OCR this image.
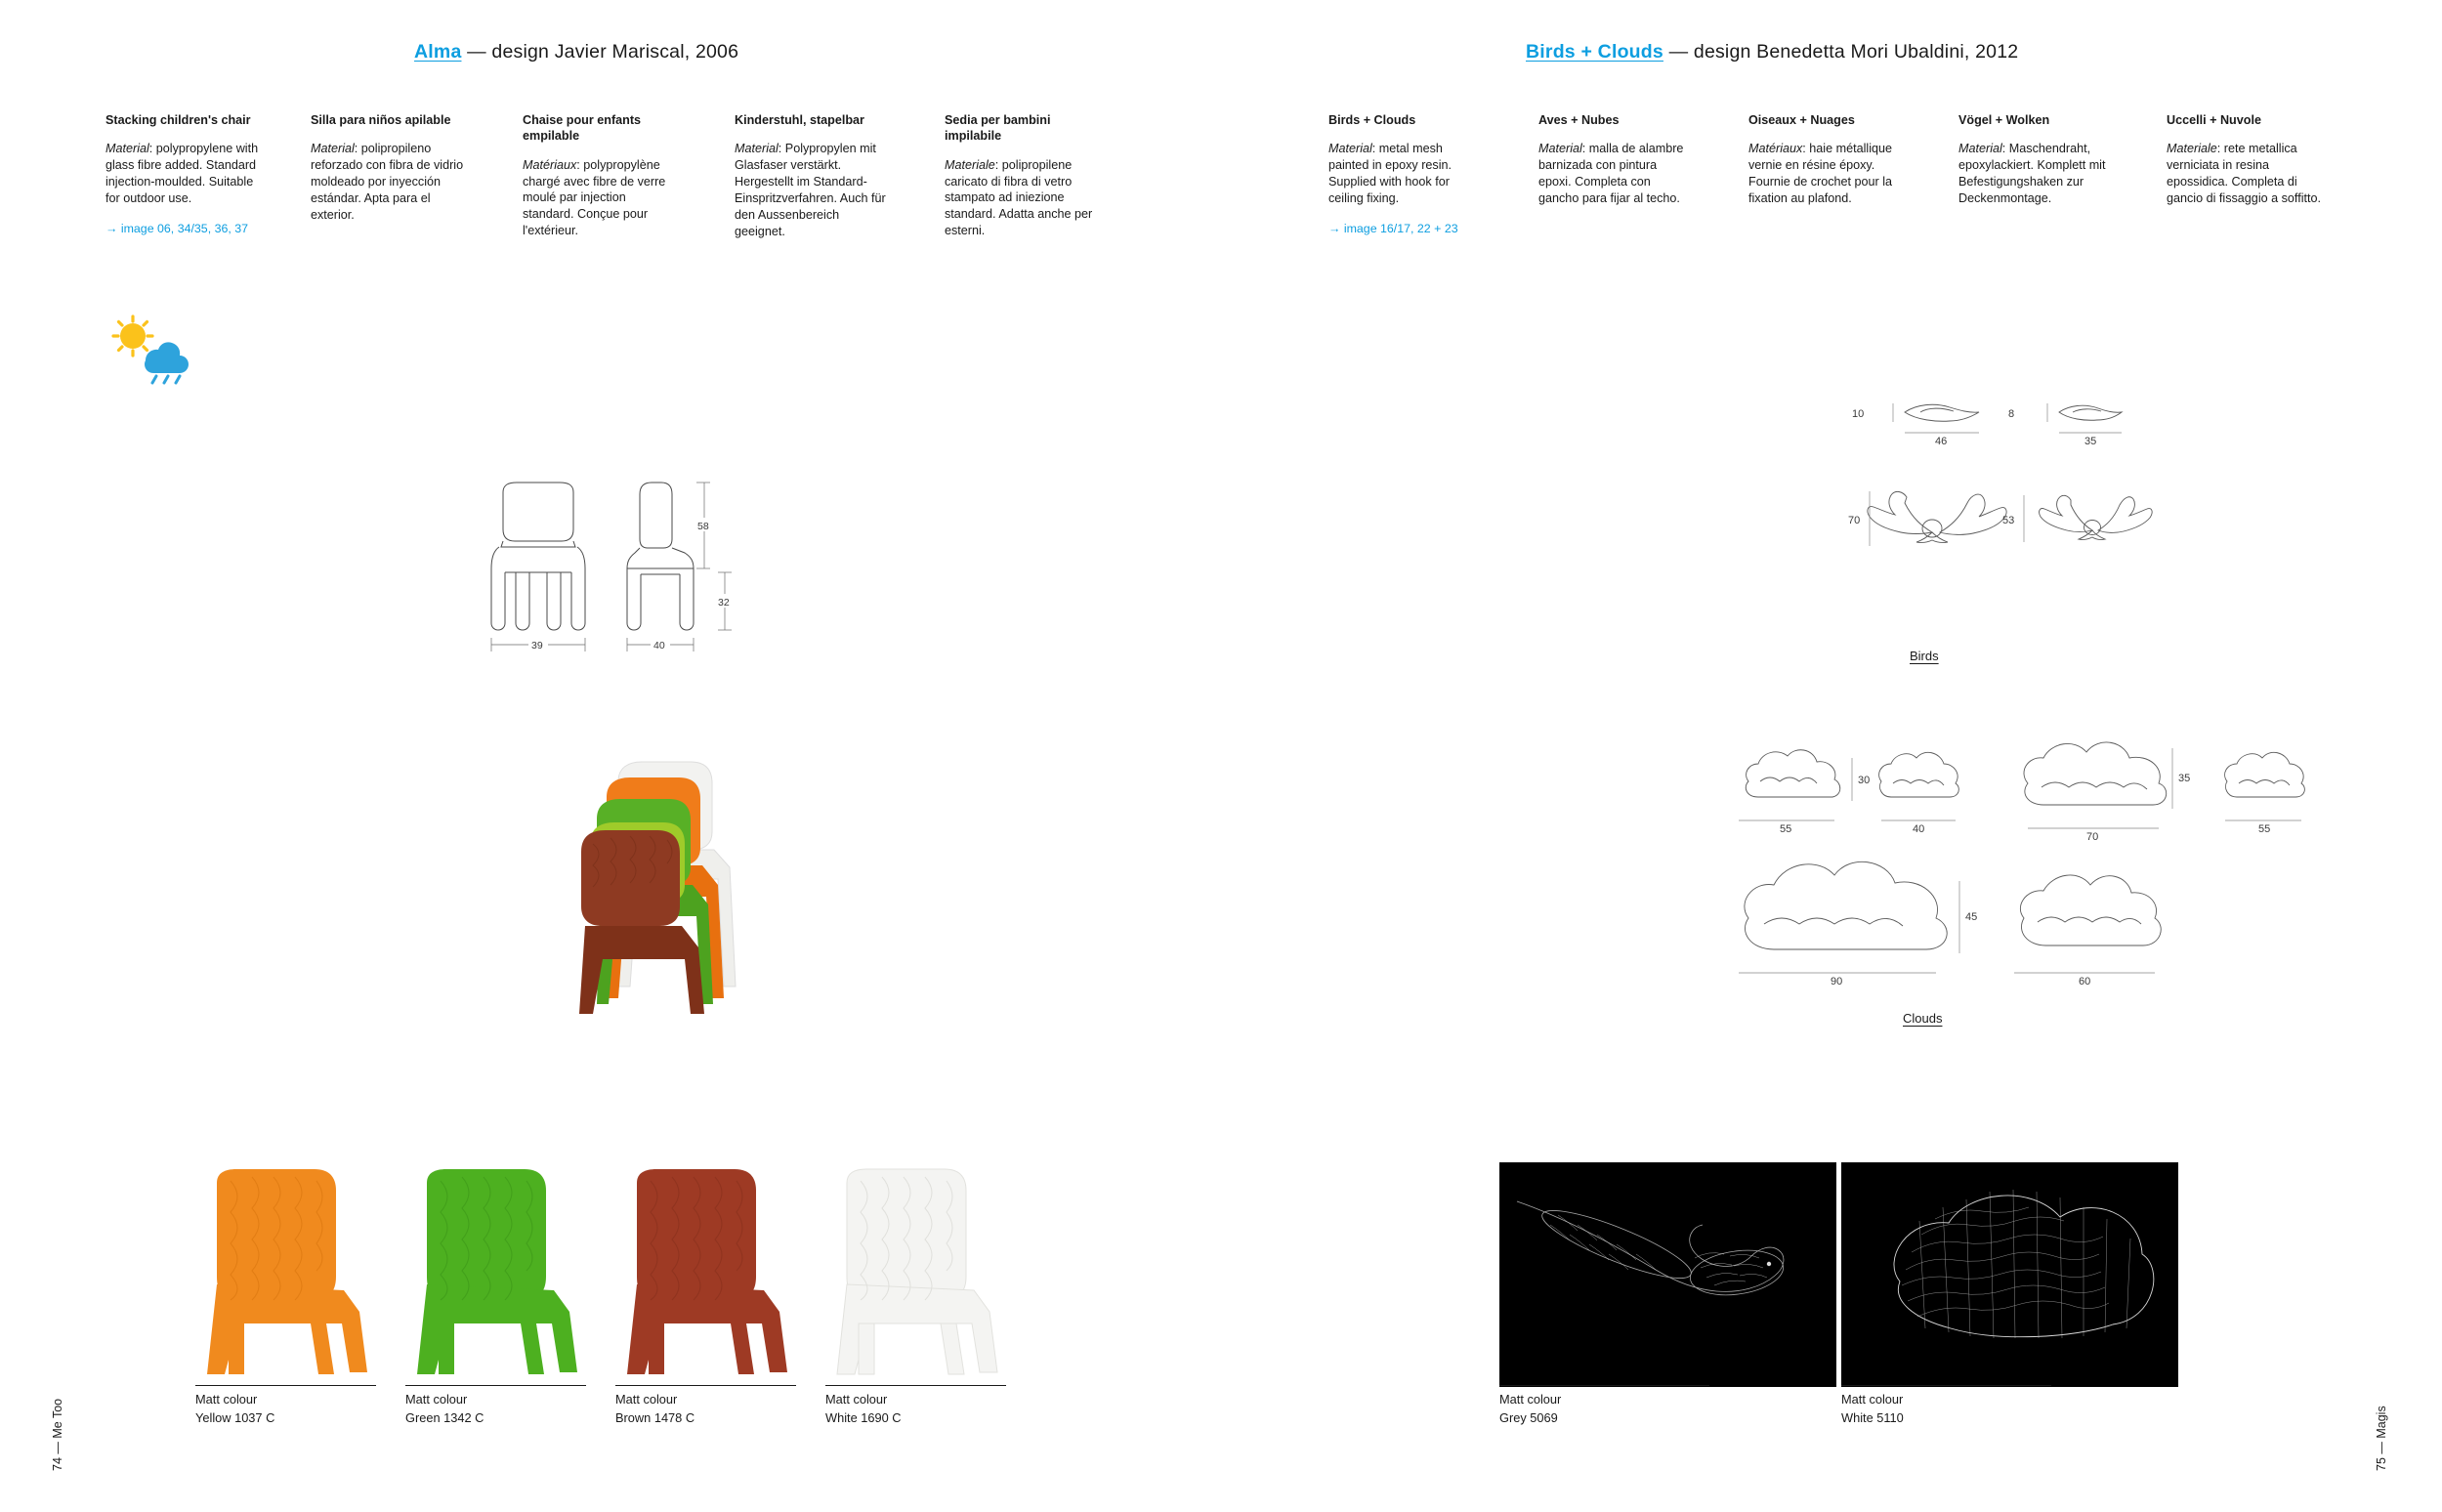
Alma — design Javier Mariscal, 2006
Stacking children's chair
Material: polypropylene with glass fibre added. Standard injection-moulded. Suitable for outdoor use.
→ image 06, 34/35, 36, 37
Silla para niños apilable
Material: polipropileno reforzado con fibra de vidrio moldeado por inyección estándar. Apta para el exterior.
Chaise pour enfants empilable
Matériaux: polypropylène chargé avec fibre de verre moulé par injection standard. Conçue pour l'extérieur.
Kinderstuhl, stapelbar
Material: Polypropylen mit Glasfaser verstärkt. Hergestellt im Standard-Einspritzverfahren. Auch für den Aussenbereich geeignet.
Sedia per bambini impilabile
Materiale: polipropilene caricato di fibra di vetro stampato ad iniezione standard. Adatta anche per esterni.
58
32
39	40
Matt colour
Yellow 1037 C
Matt colour
Green 1342 C
Matt colour
Brown 1478 C
Matt colour
White 1690 C
Birds + Clouds — design Benedetta Mori Ubaldini, 2012
Birds + Clouds
Material: metal mesh painted in epoxy resin. Supplied with hook for ceiling fixing.
→ image 16/17, 22 + 23
Aves + Nubes
Material: malla de alambre barnizada con pintura epoxi. Completa con gancho para fijar al techo.
Oiseaux + Nuages
Matériaux: haie métallique vernie en résine époxy. Fournie de crochet pour la fixation au plafond.
Vögel + Wolken
Material: Maschendraht, epoxylackiert. Komplett mit Befestigungshaken zur Deckenmontage.
Uccelli + Nuvole
Materiale: rete metallica verniciata in resina epossidica. Completa di gancio di fissaggio a soffitto.
10	8
46	35
70	53
Birds
30	35
45
55	40
70
55
90	60
Clouds
Matt colour
Grey 5069
Matt colour
White 5110
74 — Me Too	75 — Magis
